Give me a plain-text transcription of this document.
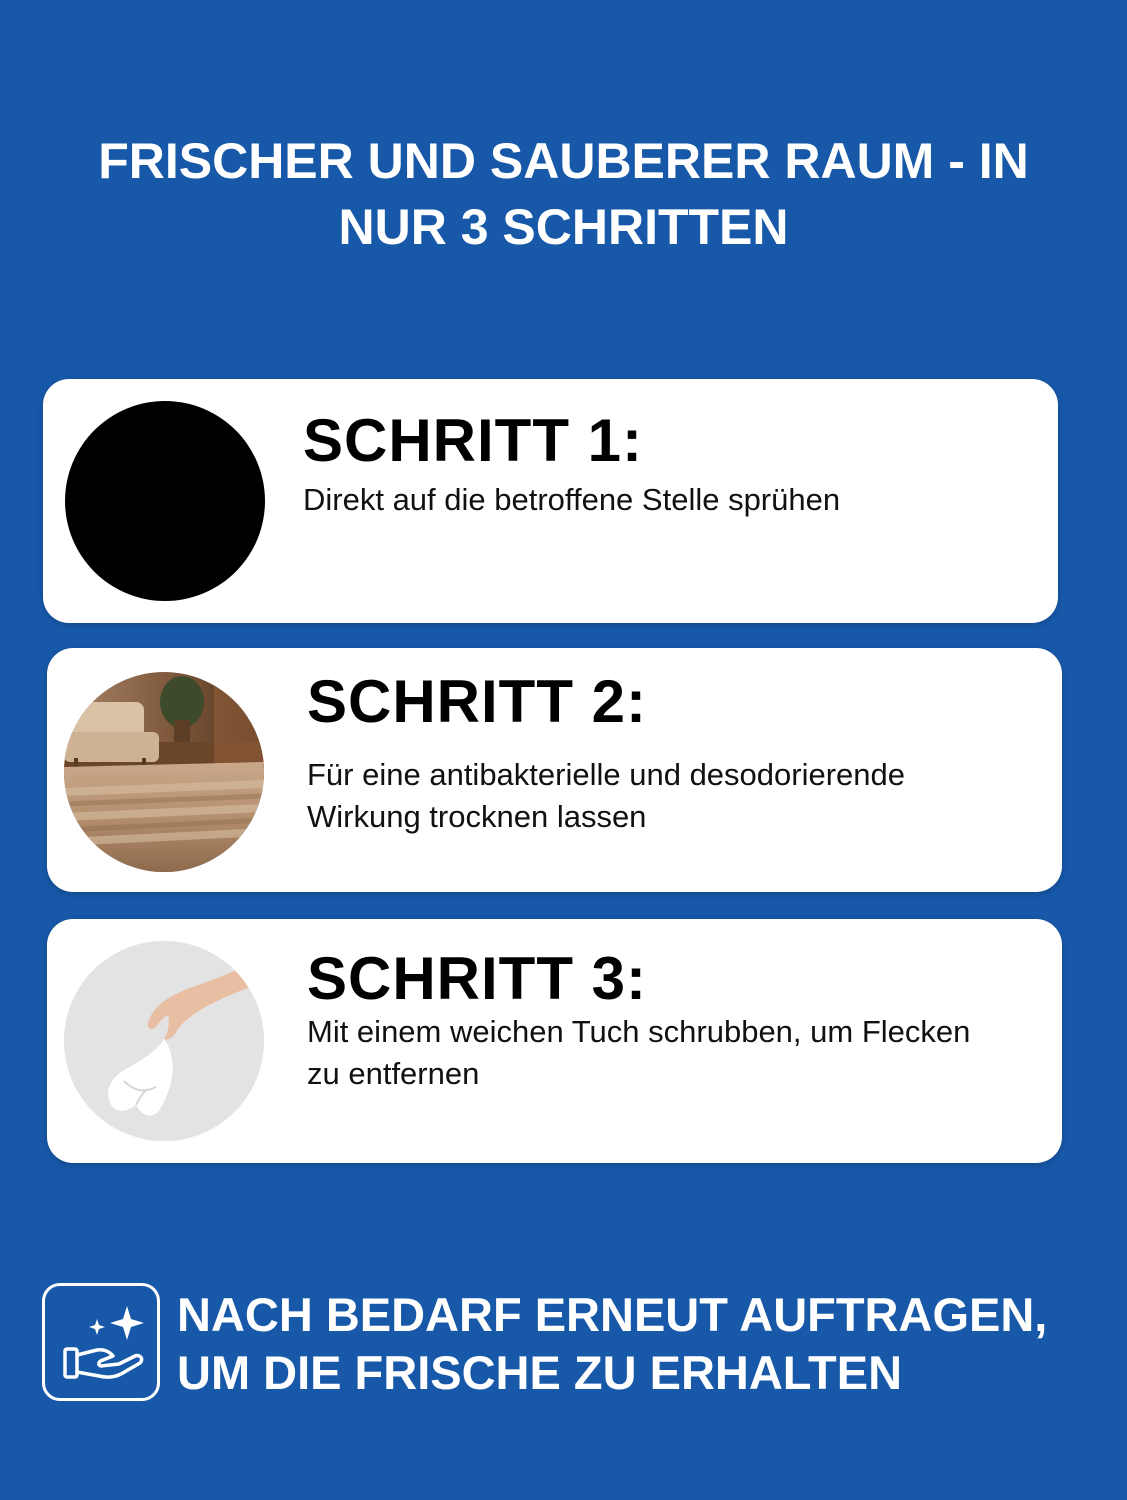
FRISCHER UND SAUBERER RAUM - IN NUR 3 SCHRITTEN
SCHRITT 1:

Direkt auf die betroffene Stelle sprühen

SCHRITT 2:

Für eine antibakterielle und desodorierende Wirkung trocknen lassen

SCHRITT 3:

Mit einem weichen Tuch schrubben, um Flecken zu entfernen

NACH BEDARF ERNEUT AUFTRAGEN, UM DIE FRISCHE ZU ERHALTEN
